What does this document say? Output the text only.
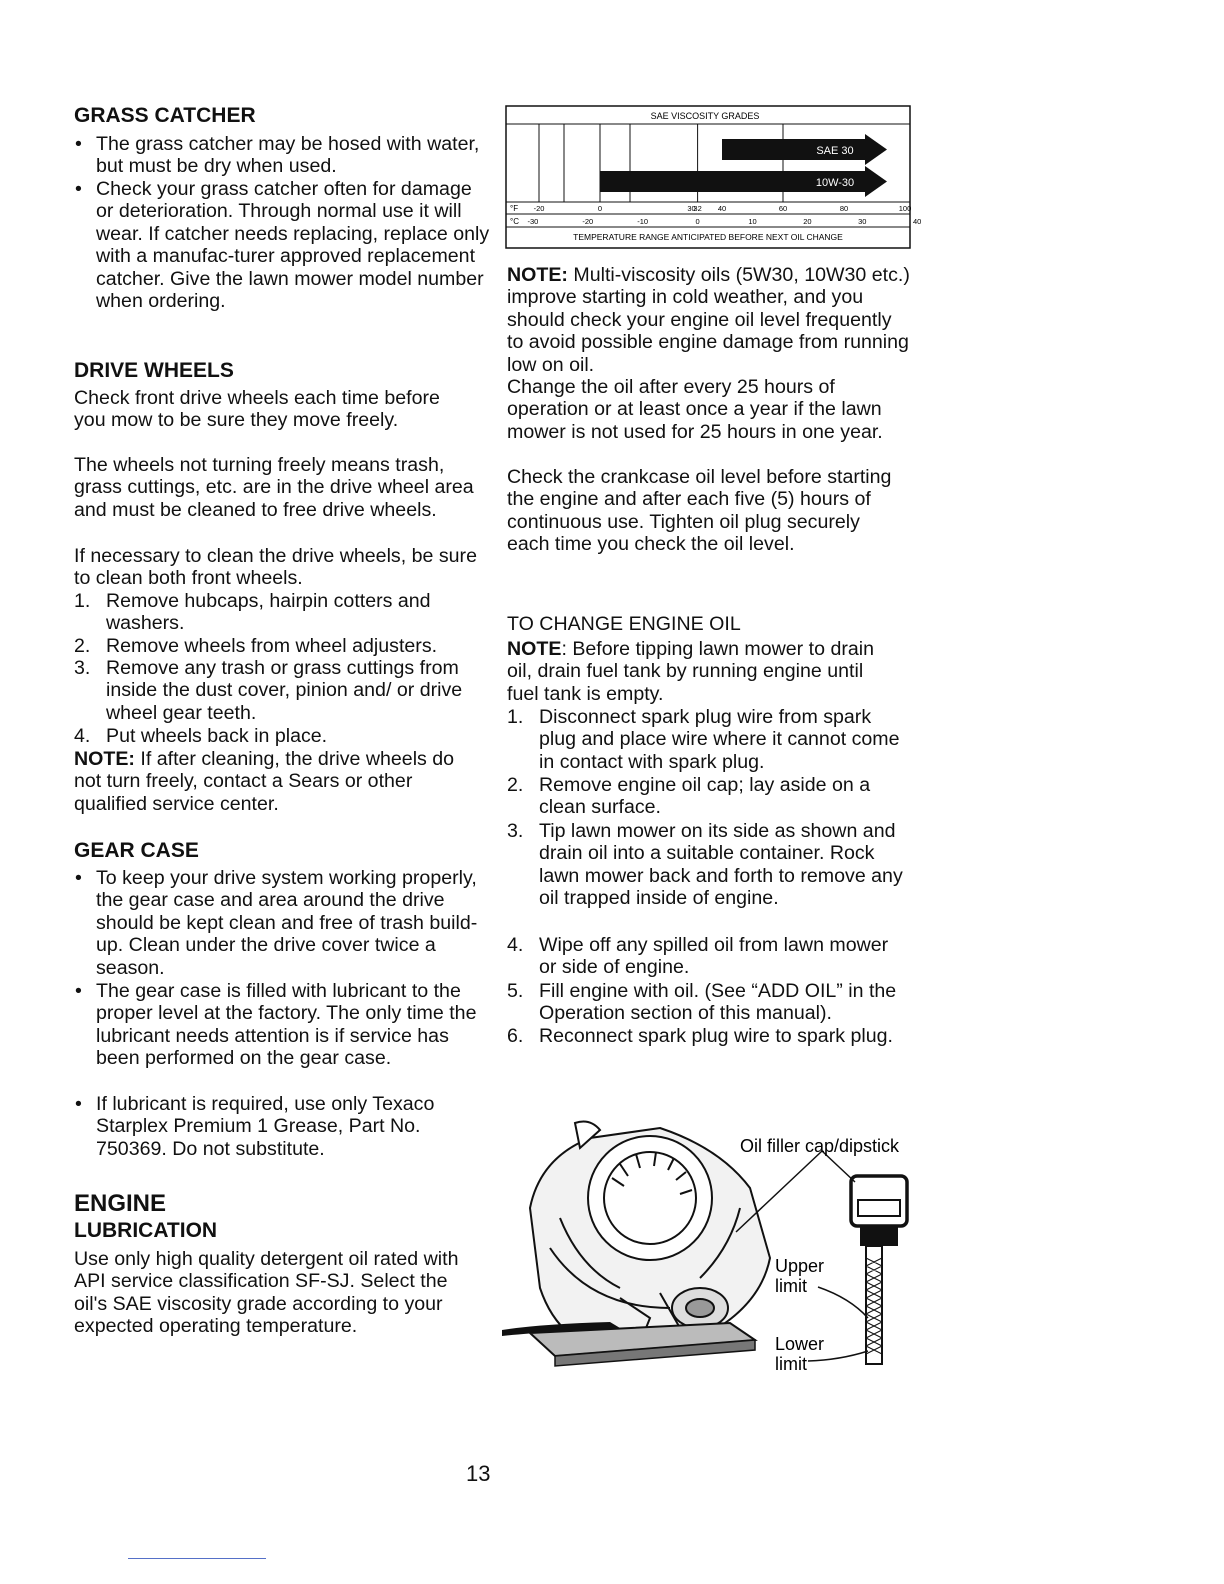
GRASS CATCHER

• The grass catcher may be hosed with water, but must be dry when used.

• Check your grass catcher often for damage or deterioration. Through normal use it will wear. If catcher needs replacing, replace only with a manufac-turer approved replacement catcher. Give the lawn mower model number when ordering.

DRIVE WHEELS

Check front drive wheels each time before you mow to be sure they move freely.

The wheels not turning freely means trash, grass cuttings, etc. are in the drive wheel area and must be cleaned to free drive wheels.

If necessary to clean the drive wheels, be sure to clean both front wheels.

1. Remove hubcaps, hairpin cotters and washers.

2. Remove wheels from wheel adjusters.

3. Remove any trash or grass cuttings from inside the dust cover, pinion and/ or drive wheel gear teeth.

4. Put wheels back in place.

NOTE: If after cleaning, the drive wheels do not turn freely, contact a Sears or other qualified service center.

GEAR CASE

• To keep your drive system working properly, the gear case and area around the drive should be kept clean and free of trash build-up. Clean under the drive cover twice a season.

• The gear case is filled with lubricant to the proper level at the factory. The only time the lubricant needs attention is if service has been performed on the gear case.

• If lubricant is required, use only Texaco Starplex Premium 1 Grease, Part No. 750369. Do not substitute.

ENGINE
LUBRICATION

Use only high quality detergent oil rated with API service classification SF-SJ. Select the oil's SAE viscosity grade according to your expected operating temperature.

SAE VISCOSITY GRADES
SAE 30
10W-30
°F -20	0	30
32 40	60	80	100
°C -30	-20	-10	0	10	20	30	40
TEMPERATURE RANGE ANTICIPATED BEFORE NEXT OIL CHANGE

NOTE: Multi-viscosity oils (5W30, 10W30 etc.) improve starting in cold weather, and you should check your engine oil level frequently to avoid possible engine damage from running low on oil.

Change the oil after every 25 hours of operation or at least once a year if the lawn mower is not used for 25 hours in one year.

Check the crankcase oil level before starting the engine and after each five (5) hours of continuous use. Tighten oil plug securely each time you check the oil level.

TO CHANGE ENGINE OIL

NOTE: Before tipping lawn mower to drain oil, drain fuel tank by running engine until fuel tank is empty.

1. Disconnect spark plug wire from spark plug and place wire where it cannot come in contact with spark plug.

2. Remove engine oil cap; lay aside on a clean surface.

3. Tip lawn mower on its side as shown and drain oil into a suitable container. Rock lawn mower back and forth to remove any oil trapped inside of engine.

4. Wipe off any spilled oil from lawn mower or side of engine.

5. Fill engine with oil. (See “ADD OIL” in the Operation section of this manual).

6. Reconnect spark plug wire to spark plug.

Oil filler cap/dipstick
Upper
limit
Lower
limit
13
